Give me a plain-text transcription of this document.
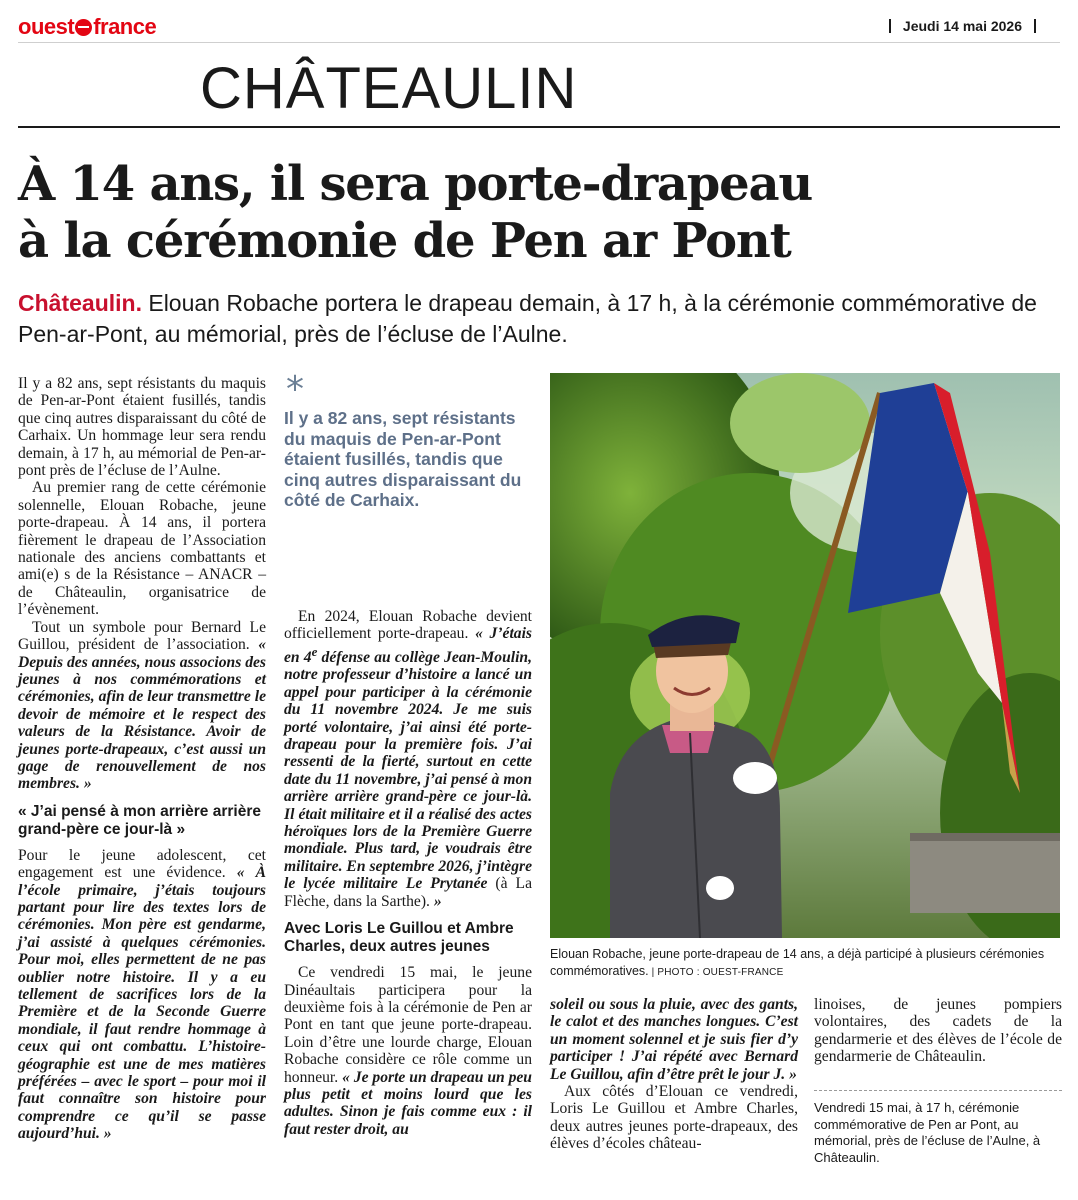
ouest france	Jeudi 14 mai 2026
CHÂTEAULIN
À 14 ans, il sera porte-drapeau
à la cérémonie de Pen ar Pont
Châteaulin. Elouan Robache portera le drapeau demain, à 17 h, à la cérémonie commémorative de Pen-ar-Pont, au mémorial, près de l’écluse de l’Aulne.

Il y a 82 ans, sept résistants du maquis de Pen-ar-Pont étaient fusillés, tandis que cinq autres disparaissant du côté de Carhaix. Un hommage leur sera rendu demain, à 17 h, au mémorial de Pen-ar-pont près de l’écluse de l’Aulne.

Au premier rang de cette cérémonie solennelle, Elouan Robache, jeune porte-drapeau. À 14 ans, il portera fièrement le drapeau de l’Association nationale des anciens combattants et ami(e) s de la Résistance – ANACR – de Châteaulin, organisatrice de l’évènement.

Tout un symbole pour Bernard Le Guillou, président de l’association. « Depuis des années, nous associons des jeunes à nos commémorations et cérémonies, afin de leur transmettre le devoir de mémoire et le respect des valeurs de la Résistance. Avoir de jeunes porte-drapeaux, c’est aussi un gage de renouvellement de nos membres. »

« J’ai pensé à mon arrière arrière grand-père ce jour-là »

Pour le jeune adolescent, cet engagement est une évidence. « À l’école primaire, j’étais toujours partant pour lire des textes lors de cérémonies. Mon père est gendarme, j’ai assisté à quelques cérémonies. Pour moi, elles permettent de ne pas oublier notre histoire. Il y a eu tellement de sacrifices lors de la Première et de la Seconde Guerre mondiale, il faut rendre hommage à ceux qui ont combattu. L’histoire-géographie est une de mes matières préférées – avec le sport – pour moi il faut connaître son histoire pour comprendre ce qu’il se passe aujourd’hui. »

*
Il y a 82 ans, sept résistants du maquis de Pen-ar-Pont étaient fusillés, tandis que cinq autres disparaissant du côté de Carhaix.

En 2024, Elouan Robache devient officiellement porte-drapeau. « J’étais en 4e défense au collège Jean-Moulin, notre professeur d’histoire a lancé un appel pour participer à la cérémonie du 11 novembre 2024. Je me suis porté volontaire, j’ai ainsi été porte-drapeau pour la première fois. J’ai ressenti de la fierté, surtout en cette date du 11 novembre, j’ai pensé à mon arrière arrière grand-père ce jour-là. Il était militaire et il a réalisé des actes héroïques lors de la Première Guerre mondiale. Plus tard, je voudrais être militaire. En septembre 2026, j’intègre le lycée militaire Le Prytanée (à La Flèche, dans la Sarthe). »

Avec Loris Le Guillou et Ambre Charles, deux autres jeunes

Ce vendredi 15 mai, le jeune Dinéaultais participera pour la deuxième fois à la cérémonie de Pen ar Pont en tant que jeune porte-drapeau. Loin d’être une lourde charge, Elouan Robache considère ce rôle comme un honneur. « Je porte un drapeau un peu plus petit et moins lourd que les adultes. Sinon je fais comme eux : il faut rester droit, au

Elouan Robache, jeune porte-drapeau de 14 ans, a déjà participé à plusieurs cérémonies commémoratives. | PHOTO : OUEST-FRANCE

soleil ou sous la pluie, avec des gants, le calot et des manches longues. C’est un moment solennel et je suis fier d’y participer ! J’ai répété avec Bernard Le Guillou, afin d’être prêt le jour J. »

Aux côtés d’Elouan ce vendredi, Loris Le Guillou et Ambre Charles, deux autres jeunes porte-drapeaux, des élèves d’écoles château-

linoises, de jeunes pompiers volontaires, des cadets de la gendarmerie et des élèves de l’école de gendarmerie de Châteaulin.

Vendredi 15 mai, à 17 h, cérémonie commémorative de Pen ar Pont, au mémorial, près de l’écluse de l’Aulne, à Châteaulin.
